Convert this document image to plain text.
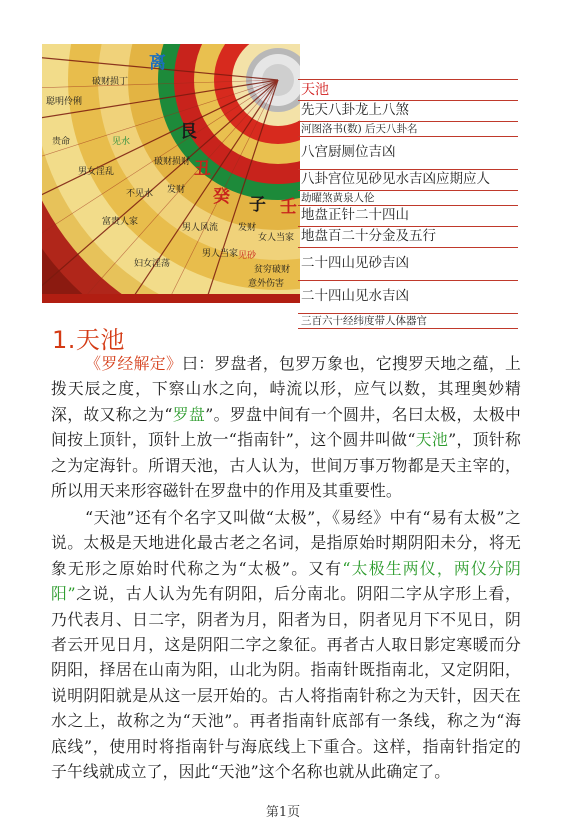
离
艮
丑
癸 子 壬
聪明伶俐
破财损丁
男人风流
发财
破财损财
贫穷破财
富贵人家
妇女淫荡
男女淫乱
男人当家
女人当家
意外伤害
见水
见砂
不见水
发财
贵命
天池
先天八卦龙上八煞
河图洛书(数) 后天八卦名
八宫厨厕位吉凶
八卦宫位见砂见水吉凶应期应人
劫曜煞黄泉人伦
地盘正针二十四山
地盘百二十分金及五行
二十四山见砂吉凶
二十四山见水吉凶
三百六十经纬度带人体器官
1.天池

《罗经解定》曰：罗盘者，包罗万象也，它搜罗天地之蕴，上拨天辰之度，下察山水之向，峙流以形，应气以数，其理奥妙精深，故又称之为“罗盘”。罗盘中间有一个圆井，名曰太极，太极中间按上顶针，顶针上放一“指南针”，这个圆井叫做“天池”，顶针称之为定海针。所谓天池，古人认为，世间万事万物都是天主宰的，所以用天来形容磁针在罗盘中的作用及其重要性。

“天池”还有个名字又叫做“太极”，《易经》中有“易有太极”之说。太极是天地进化最古老之名词，是指原始时期阴阳未分，将无象无形之原始时代称之为“太极”。又有“太极生两仪，两仪分阴阳”之说，古人认为先有阴阳，后分南北。阴阳二字从字形上看，乃代表月、日二字，阴者为月，阳者为日，阴者见月下不见日，阴者云开见日月，这是阴阳二字之象征。再者古人取日影定寒暖而分阴阳，择居在山南为阳，山北为阴。指南针既指南北，又定阴阳，说明阴阳就是从这一层开始的。古人将指南针称之为天针，因天在水之上，故称之为“天池”。再者指南针底部有一条线，称之为“海底线”，使用时将指南针与海底线上下重合。这样，指南针指定的子午线就成立了，因此“天池”这个名称也就从此确定了。

第1页
